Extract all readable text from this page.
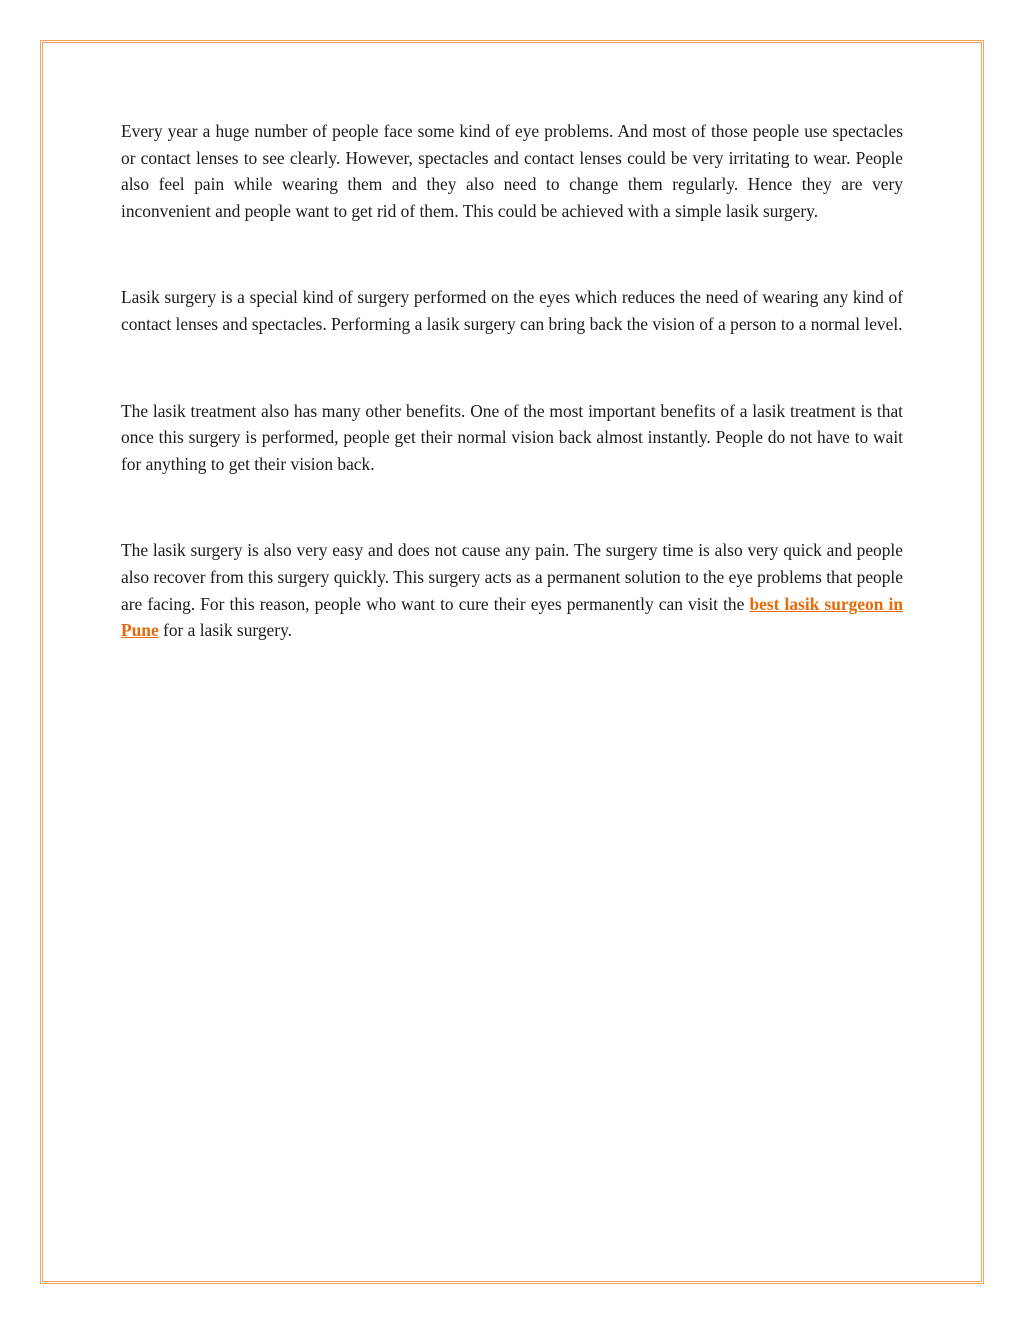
Every year a huge number of people face some kind of eye problems. And most of those people use spectacles or contact lenses to see clearly. However, spectacles and contact lenses could be very irritating to wear. People also feel pain while wearing them and they also need to change them regularly. Hence they are very inconvenient and people want to get rid of them. This could be achieved with a simple lasik surgery.

Lasik surgery is a special kind of surgery performed on the eyes which reduces the need of wearing any kind of contact lenses and spectacles. Performing a lasik surgery can bring back the vision of a person to a normal level.

The lasik treatment also has many other benefits. One of the most important benefits of a lasik treatment is that once this surgery is performed, people get their normal vision back almost instantly. People do not have to wait for anything to get their vision back.

The lasik surgery is also very easy and does not cause any pain. The surgery time is also very quick and people also recover from this surgery quickly. This surgery acts as a permanent solution to the eye problems that people are facing. For this reason, people who want to cure their eyes permanently can visit the best lasik surgeon in Pune for a lasik surgery.
